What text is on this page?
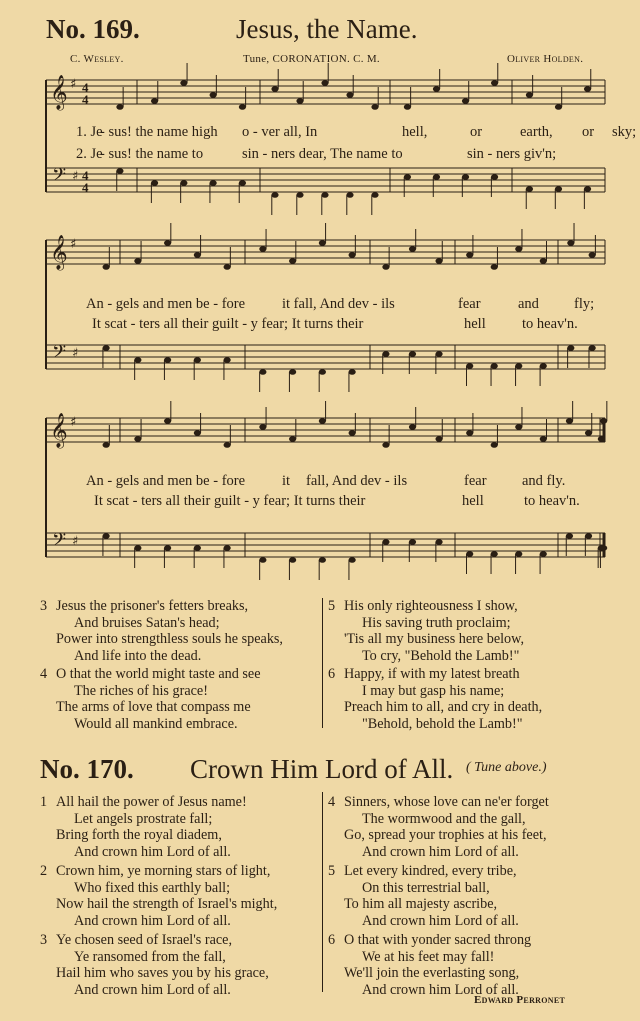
No. 169.	Jesus, the Name.
C. Wesley.	Tune, CORONATION. C. M.	Oliver Holden.
𝄞
𝄢
♯
♯
4
4
4
4
𝄞
𝄢
♯
♯
𝄞
𝄢
♯
♯
1. Je- sus! the name high o - ver all, In	hell,	or	earth, or sky;
2. Je- sus! the name to	sin - ners dear, The name to	sin - ners giv'n;
An - gels and men be - fore	it fall, And dev - ils	fear	and fly;
It scat - ters all their guilt - y fear; It turns their	hell	to heav'n.
An - gels and men be - fore	it fall, And dev - ils	fear and fly.
It scat - ters all their guilt - y fear; It turns their	hell	to heav'n.
3 Jesus the prisoner's fetters breaks,
And bruises Satan's head;
Power into strengthless souls he speaks,
And life into the dead.
4 O that the world might taste and see
The riches of his grace!
The arms of love that compass me
Would all mankind embrace.
5 His only righteousness I show,
His saving truth proclaim;
'Tis all my business here below,
To cry, "Behold the Lamb!"
6 Happy, if with my latest breath
I may but gasp his name;
Preach him to all, and cry in death,
"Behold, behold the Lamb!"
No. 170. Crown Him Lord of All. ( Tune above.)
1 All hail the power of Jesus name!
Let angels prostrate fall;
Bring forth the royal diadem,
And crown him Lord of all.
2 Crown him, ye morning stars of light,
Who fixed this earthly ball;
Now hail the strength of Israel's might,
And crown him Lord of all.
3 Ye chosen seed of Israel's race,
Ye ransomed from the fall,
Hail him who saves you by his grace,
And crown him Lord of all.
4 Sinners, whose love can ne'er forget
The wormwood and the gall,
Go, spread your trophies at his feet,
And crown him Lord of all.
5 Let every kindred, every tribe,
On this terrestrial ball,
To him all majesty ascribe,
And crown him Lord of all.
6 O that with yonder sacred throng
We at his feet may fall!
We'll join the everlasting song,
And crown him Lord of all.
Edward Perronet
